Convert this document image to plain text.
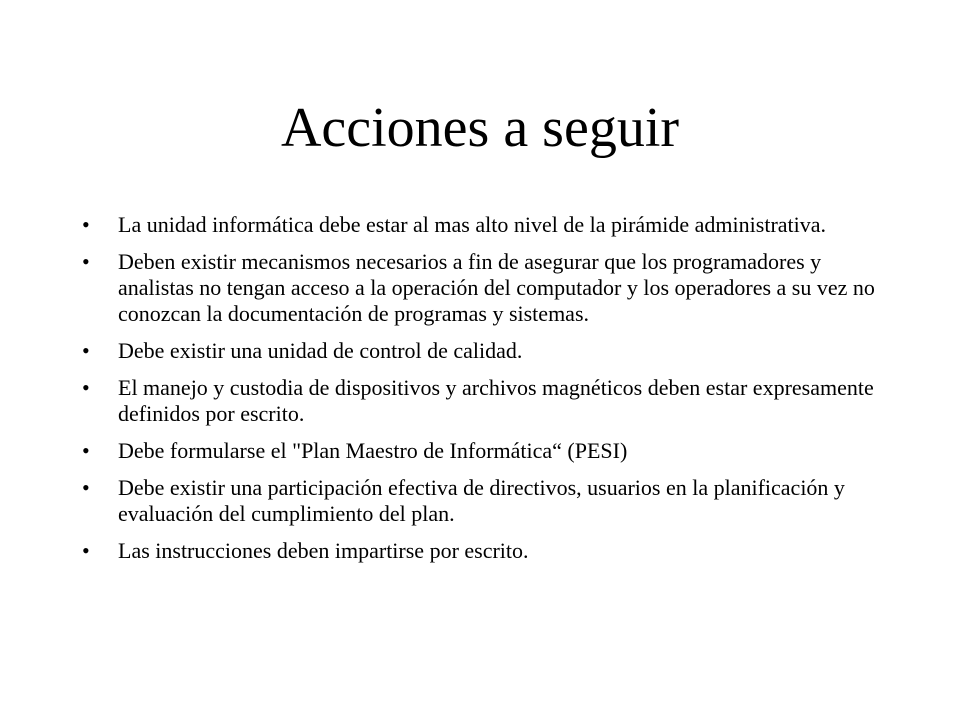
Acciones a seguir
• La unidad informática debe estar al mas alto nivel de la pirámide administrativa.
• Deben existir mecanismos necesarios a fin de asegurar que los programadores y analistas no tengan acceso a la operación del computador y los operadores a su vez no conozcan la documentación de programas y sistemas.
• Debe existir una unidad de control de calidad.
• El manejo y custodia de dispositivos y archivos magnéticos deben estar expresamente definidos por escrito.
• Debe formularse el "Plan Maestro de Informática“ (PESI)
• Debe existir una participación efectiva de directivos, usuarios en la planificación y evaluación del cumplimiento del plan.
• Las instrucciones deben impartirse por escrito.
